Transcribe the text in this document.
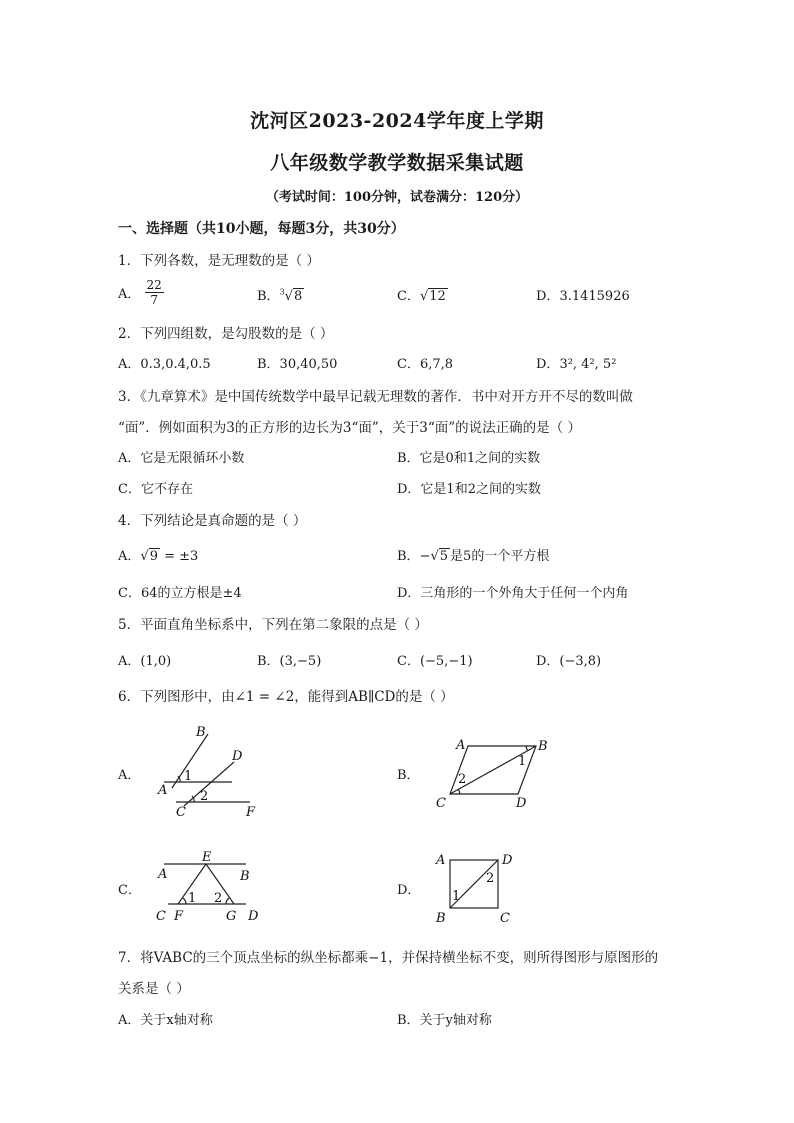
沈河区2023-2024学年度上学期
八年级数学教学数据采集试题
（考试时间：100分钟，试卷满分：120分）
一、选择题（共10小题，每题3分，共30分）
1．下列各数，是无理数的是（ ）
A． $\frac{22}{7}$	B．$^3$√8	C．√12	D．3.1415926
2．下列四组数，是勾股数的是（ ）
A．0.3,0.4,0.5	B．30,40,50	C．6,7,8	D．3², 4², 5²
3．《九章算术》是中国传统数学中最早记载无理数的著作．书中对开方开不尽的数叫做
“面”．例如面积为3的正方形的边长为3“面”，关于3“面”的说法正确的是（ ）
A．它是无限循环小数	B．它是0和1之间的实数
C．它不存在	D．它是1和2之间的实数
4．下列结论是真命题的是（ ）
A．√9 = ±3	B．−√5 是5的一个平方根
C．64的立方根是±4	D．三角形的一个外角大于任何一个内角
5．平面直角坐标系中，下列在第二象限的点是（ ）
A．(1,0)	B．(3,−5)	C．(−5,−1)	D．(−3,8)
6．下列图形中，由∠1 = ∠2，能得到AB∥CD的是（ ）
A．
B
D
A
C	F
1
2
B．
A	B
C	D
1
2
C．
E
A	B
1 2
C F	G D
D．
A	D
B	C
1
2
7．将VABC的三个顶点坐标的纵坐标都乘−1，并保持横坐标不变，则所得图形与原图形的
关系是（ ）
A．关于x轴对称	B．关于y轴对称
